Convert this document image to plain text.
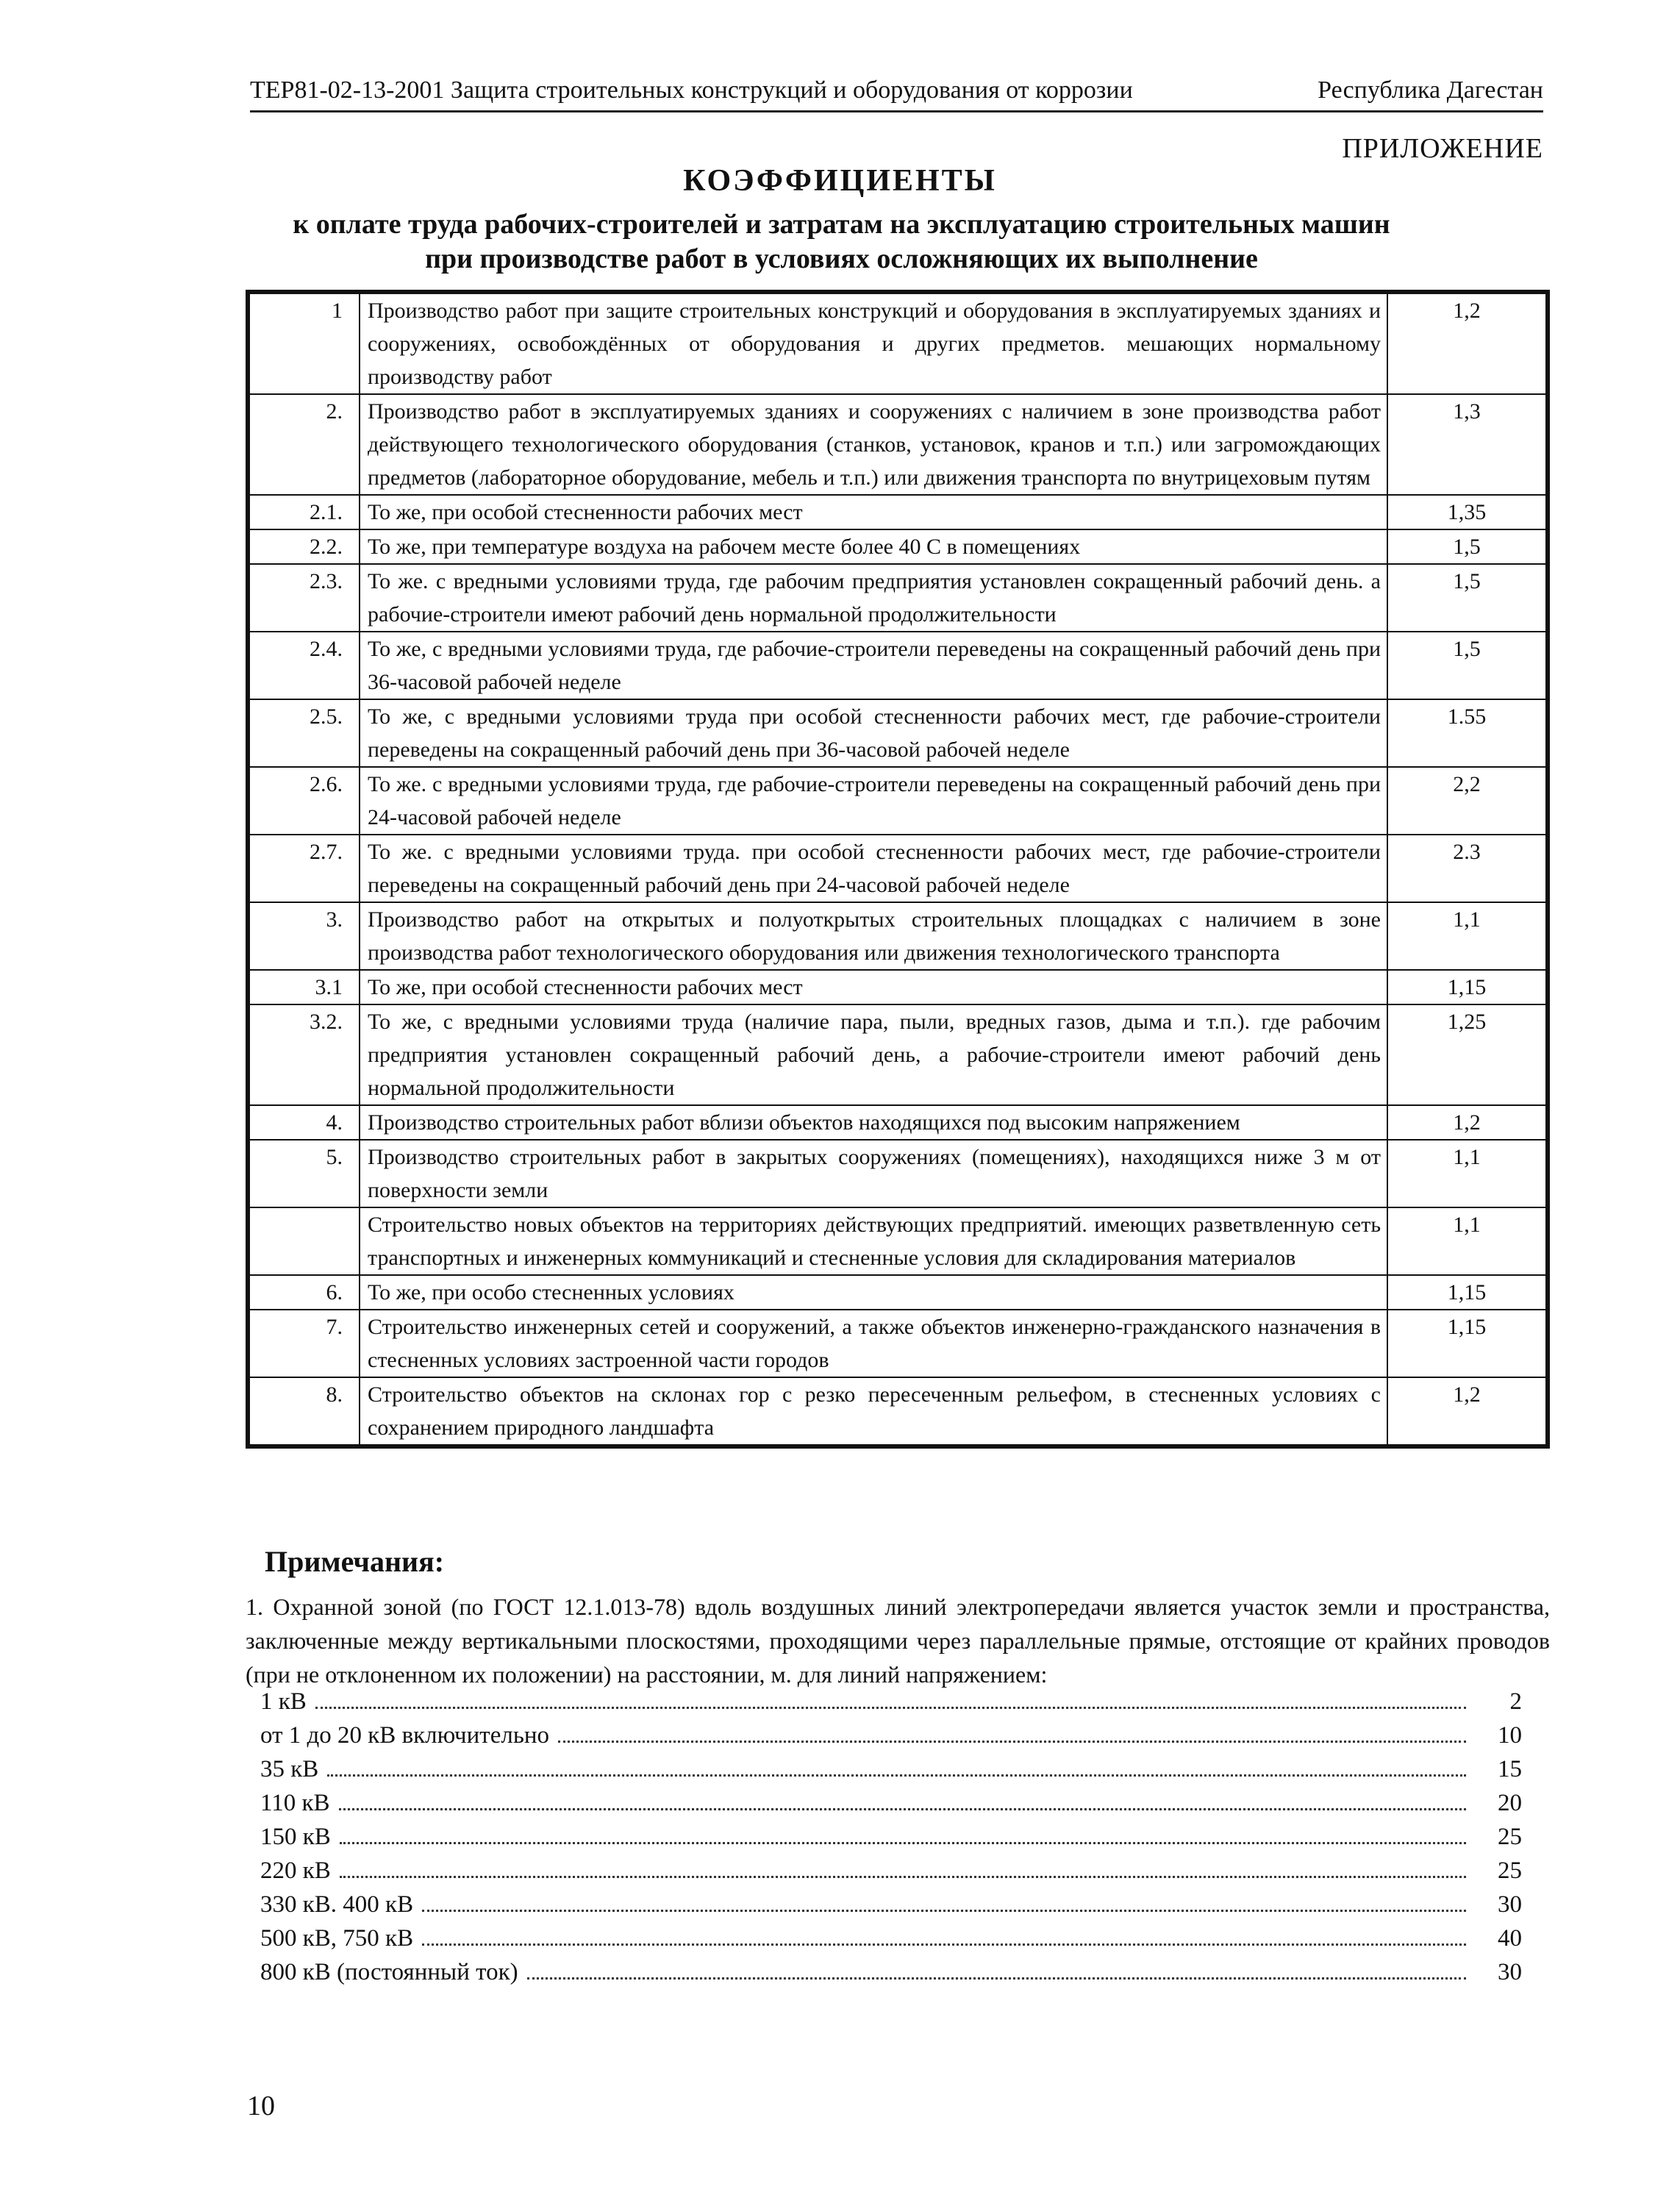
ТЕР81-02-13-2001 Защита строительных конструкций и оборудования от коррозии	Республика Дагестан
ПРИЛОЖЕНИЕ
КОЭФФИЦИЕНТЫ
к оплате труда рабочих-строителей и затратам на эксплуатацию строительных машин
при производстве работ в условиях осложняющих их выполнение
1	Производство работ при защите строительных конструкций и оборудования в эксплуатируемых зданиях и сооружениях, освобождённых от оборудования и других предметов. мешающих нормальному производству работ	1,2
2.	Производство работ в эксплуатируемых зданиях и сооружениях с наличием в зоне производства работ действующего технологического оборудования (станков, установок, кранов и т.п.) или загромождающих предметов (лабораторное оборудование, мебель и т.п.) или движения транспорта по внутрицеховым путям	1,3
2.1.	То же, при особой стесненности рабочих мест	1,35
2.2.	То же, при температуре воздуха на рабочем месте более 40 С в помещениях	1,5
2.3.	То же. с вредными условиями труда, где рабочим предприятия установлен сокращенный рабочий день. а рабочие-строители имеют рабочий день нормальной продолжительности	1,5
2.4.	То же, с вредными условиями труда, где рабочие-строители переведены на сокращенный рабочий день при 36-часовой рабочей неделе	1,5
2.5.	То же, с вредными условиями труда при особой стесненности рабочих мест, где рабочие-строители переведены на сокращенный рабочий день при 36-часовой рабочей неделе	1.55
2.6.	То же. с вредными условиями труда, где рабочие-строители переведены на сокращенный рабочий день при 24-часовой рабочей неделе	2,2
2.7.	То же. с вредными условиями труда. при особой стесненности рабочих мест, где рабочие-строители переведены на сокращенный рабочий день при 24-часовой рабочей неделе	2.3
3.	Производство работ на открытых и полуоткрытых строительных площадках с наличием в зоне производства работ технологического оборудования или движения технологического транспорта	1,1
3.1	То же, при особой стесненности рабочих мест	1,15
3.2.	То же, с вредными условиями труда (наличие пара, пыли, вредных газов, дыма и т.п.). где рабочим предприятия установлен сокращенный рабочий день, а рабочие-строители имеют рабочий день нормальной продолжительности	1,25
4.	Производство строительных работ вблизи объектов находящихся под высоким напряжением	1,2
5.	Производство строительных работ в закрытых сооружениях (помещениях), находящихся ниже 3 м от поверхности земли	1,1
	Строительство новых объектов на территориях действующих предприятий. имеющих разветвленную сеть транспортных и инженерных коммуникаций и стесненные условия для складирования материалов	1,1
6.	То же, при особо стесненных условиях	1,15
7.	Строительство инженерных сетей и сооружений, а также объектов инженерно-гражданского назначения в стесненных условиях застроенной части городов	1,15
8.	Строительство объектов на склонах гор с резко пересеченным рельефом, в стесненных условиях с сохранением природного ландшафта	1,2
Примечания:
1. Охранной зоной (по ГОСТ 12.1.013-78) вдоль воздушных линий электропередачи является участок земли и пространства, заключенные между вертикальными плоскостями, проходящими через параллельные прямые, отстоящие от крайних проводов (при не отклоненном их положении) на расстоянии, м. для линий напряжением:
1 кВ	2
от 1 до 20 кВ включительно	10
35 кВ	15
110 кВ	20
150 кВ	25
220 кВ	25
330 кВ. 400 кВ	30
500 кВ, 750 кВ	40
800 кВ (постоянный ток)	30
10
